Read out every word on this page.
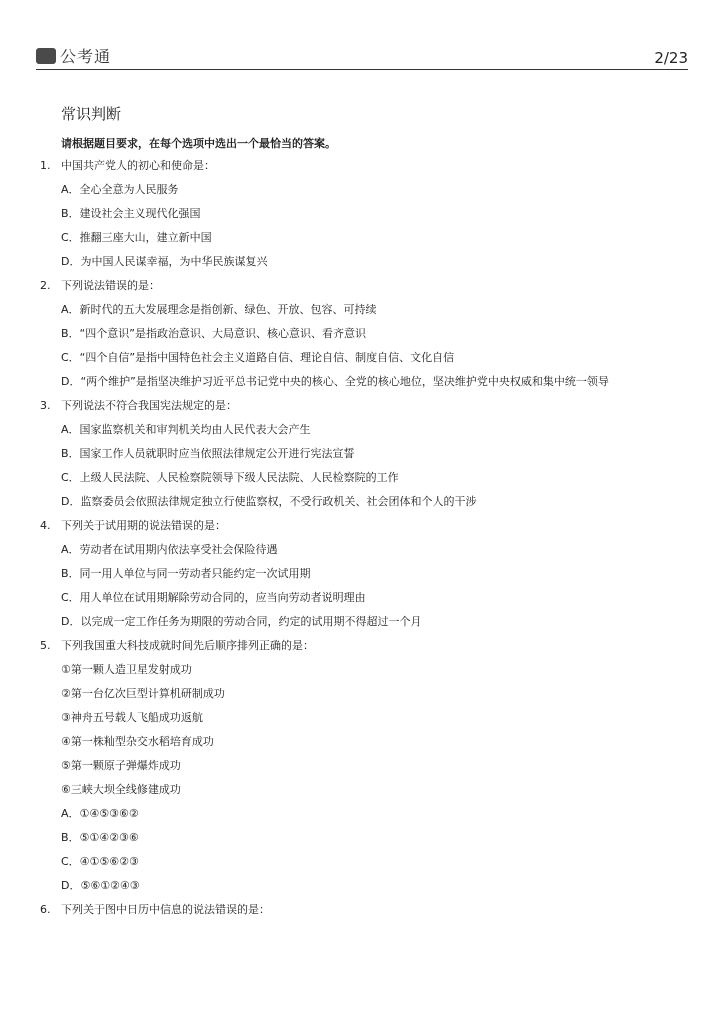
公考通	2/23
常识判断
请根据题目要求，在每个选项中选出一个最恰当的答案。
1. 中国共产党人的初心和使命是：
A．全心全意为人民服务
B．建设社会主义现代化强国
C．推翻三座大山，建立新中国
D．为中国人民谋幸福，为中华民族谋复兴
2. 下列说法错误的是：
A．新时代的五大发展理念是指创新、绿色、开放、包容、可持续
B．“四个意识”是指政治意识、大局意识、核心意识、看齐意识
C．“四个自信”是指中国特色社会主义道路自信、理论自信、制度自信、文化自信
D．“两个维护”是指坚决维护习近平总书记党中央的核心、全党的核心地位，坚决维护党中央权威和集中统一领导
3. 下列说法不符合我国宪法规定的是：
A．国家监察机关和审判机关均由人民代表大会产生
B．国家工作人员就职时应当依照法律规定公开进行宪法宣誓
C．上级人民法院、人民检察院领导下级人民法院、人民检察院的工作
D．监察委员会依照法律规定独立行使监察权，不受行政机关、社会团体和个人的干涉
4. 下列关于试用期的说法错误的是：
A．劳动者在试用期内依法享受社会保险待遇
B．同一用人单位与同一劳动者只能约定一次试用期
C．用人单位在试用期解除劳动合同的，应当向劳动者说明理由
D．以完成一定工作任务为期限的劳动合同，约定的试用期不得超过一个月
5. 下列我国重大科技成就时间先后顺序排列正确的是：
①第一颗人造卫星发射成功
②第一台亿次巨型计算机研制成功
③神舟五号载人飞船成功返航
④第一株籼型杂交水稻培育成功
⑤第一颗原子弹爆炸成功
⑥三峡大坝全线修建成功
A．①④⑤③⑥②
B．⑤①④②③⑥
C．④①⑤⑥②③
D．⑤⑥①②④③
6. 下列关于图中日历中信息的说法错误的是：
